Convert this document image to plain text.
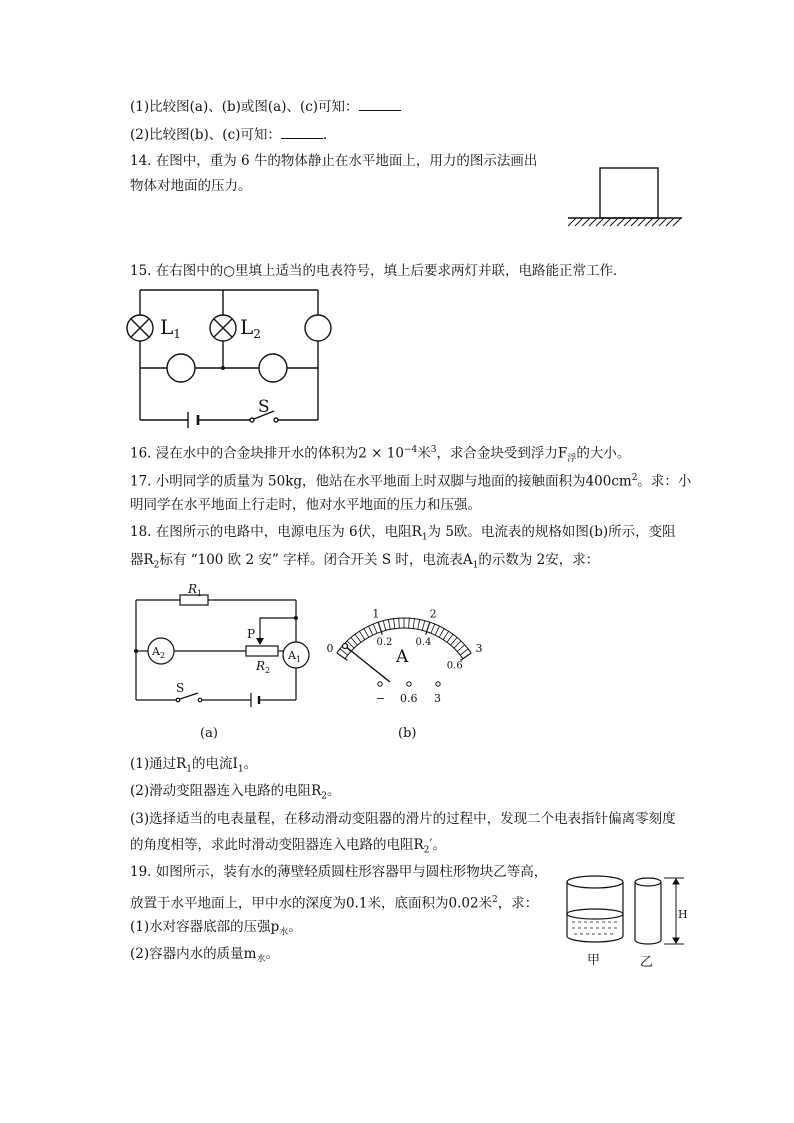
(1)比较图(a)、(b)或图(a)、(c)可知：
(2)比较图(b)、(c)可知：	.
14. 在图中，重为 6 牛的物体静止在水平地面上，用力的图示法画出
物体对地面的压力。
15. 在右图中的○里填上适当的电表符号，填上后要求两灯并联，电路能正常工作．
$L_1$	$L_2$
S
16. 浸在水中的合金块排开水的体积为$2 \times 10^{-4}$米$^3$，求合金块受到浮力$F_浮$的大小。
17. 小明同学的质量为 50kg，他站在水平地面上时双脚与地面的接触面积为$400cm^2$。求：小
明同学在水平地面上行走时，他对水平地面的压力和压强。
18. 在图所示的电路中，电源电压为 6伏，电阻$R_1$为 5欧。电流表的规格如图(b)所示，变阻
器$R_2$标有 “100 欧 2 安” 字样。闭合开关 S 时，电流表$A_1$的示数为 2安，求：
$R_1$
$A_2$
P
$R_2$
$A_1$
S
(a)
0
1	2
3
0.2 0.4
0.6
A
− 0.6 3
(b)
(1)通过$R_1$的电流$I_1$。
(2)滑动变阻器连入电路的电阻$R_2$。
(3)选择适当的电表量程，在移动滑动变阻器的滑片的过程中，发现二个电表指针偏离零刻度
的角度相等，求此时滑动变阻器连入电路的电阻$R_2'$。
19. 如图所示，装有水的薄壁轻质圆柱形容器甲与圆柱形物块乙等高，
放置于水平地面上，甲中水的深度为0.1米，底面积为0.02米$^2$，求：
(1)水对容器底部的压强$p_水$。
(2)容器内水的质量$m_水$。
H
甲	乙
